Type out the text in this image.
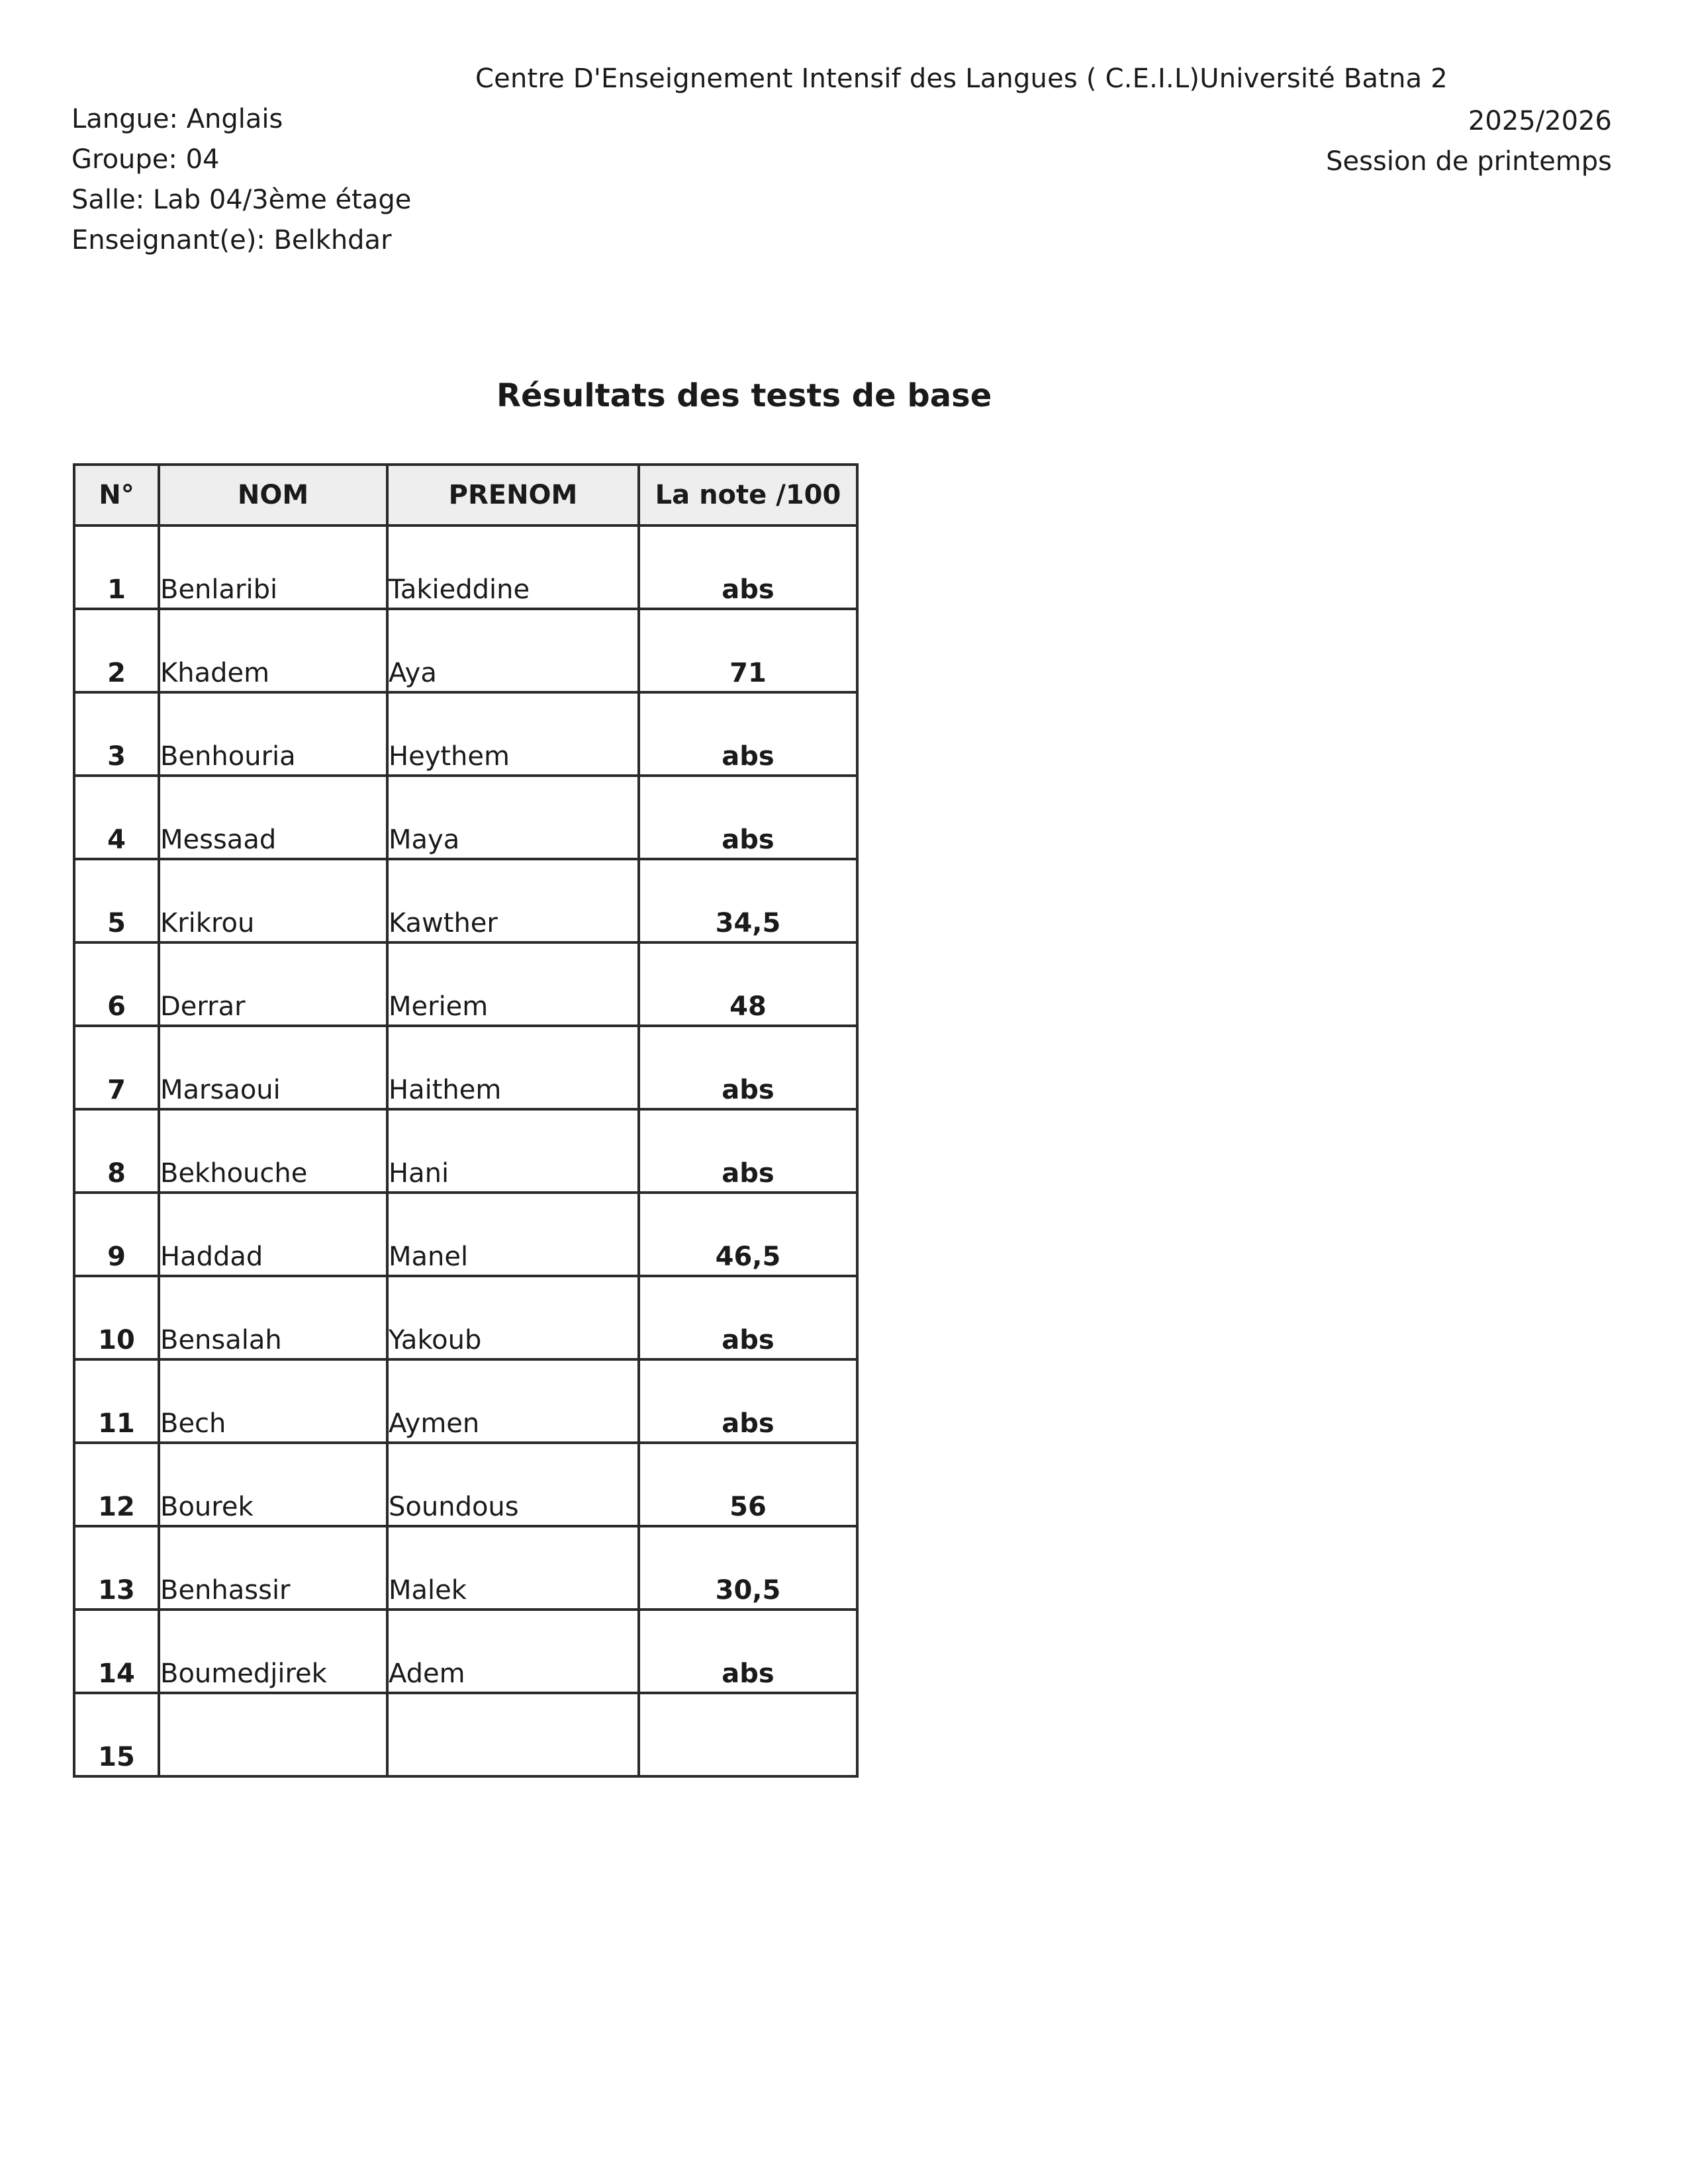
Centre D'Enseignement Intensif des Langues ( C.E.I.L)Université Batna 2
Langue: Anglais
Groupe: 04
Salle: Lab 04/3ème étage
Enseignant(e): Belkhdar
2025/2026
Session de printemps
Résultats des tests de base
N°	NOM	PRENOM	La note /100
1	Benlaribi	Takieddine	abs
2	Khadem	Aya	71
3	Benhouria	Heythem	abs
4	Messaad	Maya	abs
5	Krikrou	Kawther	34,5
6	Derrar	Meriem	48
7	Marsaoui	Haithem	abs
8	Bekhouche	Hani	abs
9	Haddad	Manel	46,5
10	Bensalah	Yakoub	abs
11	Bech	Aymen	abs
12	Bourek	Soundous	56
13	Benhassir	Malek	30,5
14	Boumedjirek	Adem	abs
15			
